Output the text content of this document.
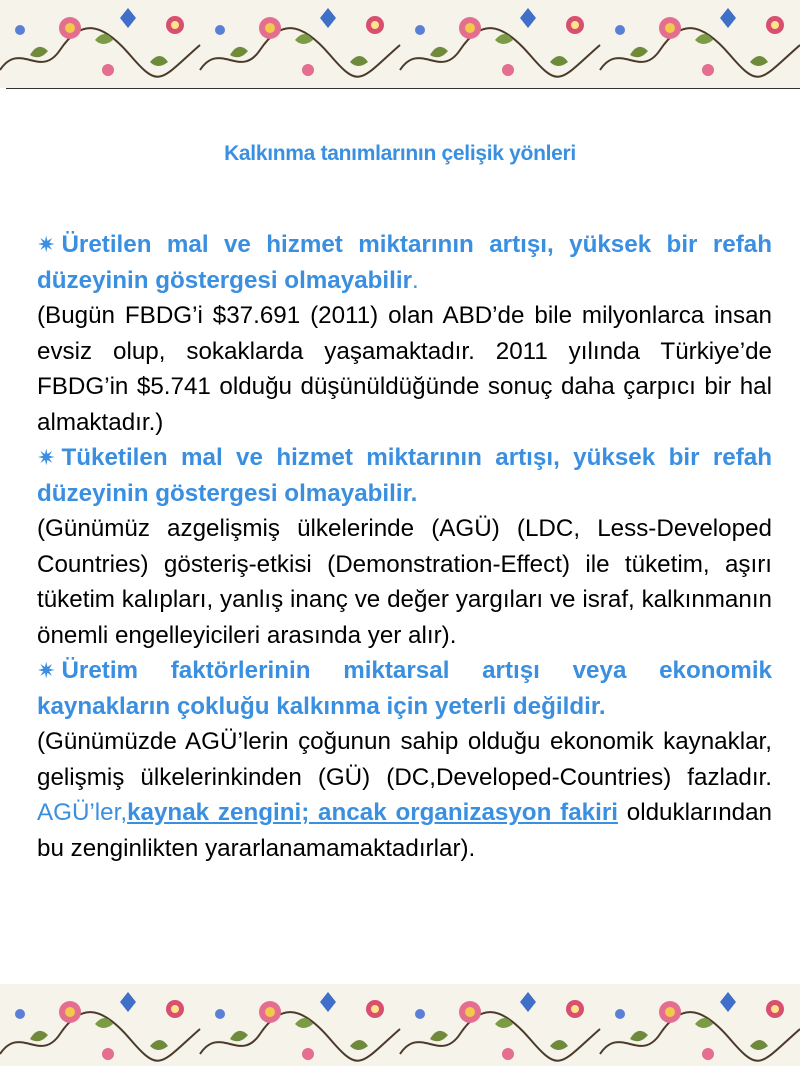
Kalkınma tanımlarının çelişik yönleri

✷ Üretilen mal ve hizmet miktarının artışı, yüksek bir refah düzeyinin göstergesi olmayabilir.

(Bugün FBDG’i $37.691 (2011) olan ABD’de bile milyonlarca insan evsiz olup, sokaklarda yaşamaktadır. 2011 yılında Türkiye’de FBDG’in $5.741 olduğu düşünüldüğünde sonuç daha çarpıcı bir hal almaktadır.)

✷ Tüketilen mal ve hizmet miktarının artışı, yüksek bir refah düzeyinin göstergesi olmayabilir.

(Günümüz azgelişmiş ülkelerinde (AGÜ) (LDC, Less-Developed Countries) gösteriş-etkisi (Demonstration-Effect) ile tüketim, aşırı tüketim kalıpları, yanlış inanç ve değer yargıları ve israf, kalkınmanın önemli engelleyicileri arasında yer alır).

✷ Üretim faktörlerinin miktarsal artışı veya ekonomik kaynakların çokluğu kalkınma için yeterli değildir.

(Günümüzde AGÜ’lerin çoğunun sahip olduğu ekonomik kaynaklar, gelişmiş ülkelerinkinden (GÜ) (DC,Developed-Countries) fazladır. AGÜ’ler,kaynak zengini; ancak organizasyon fakiri olduklarından bu zenginlikten yararlanamamaktadırlar).
